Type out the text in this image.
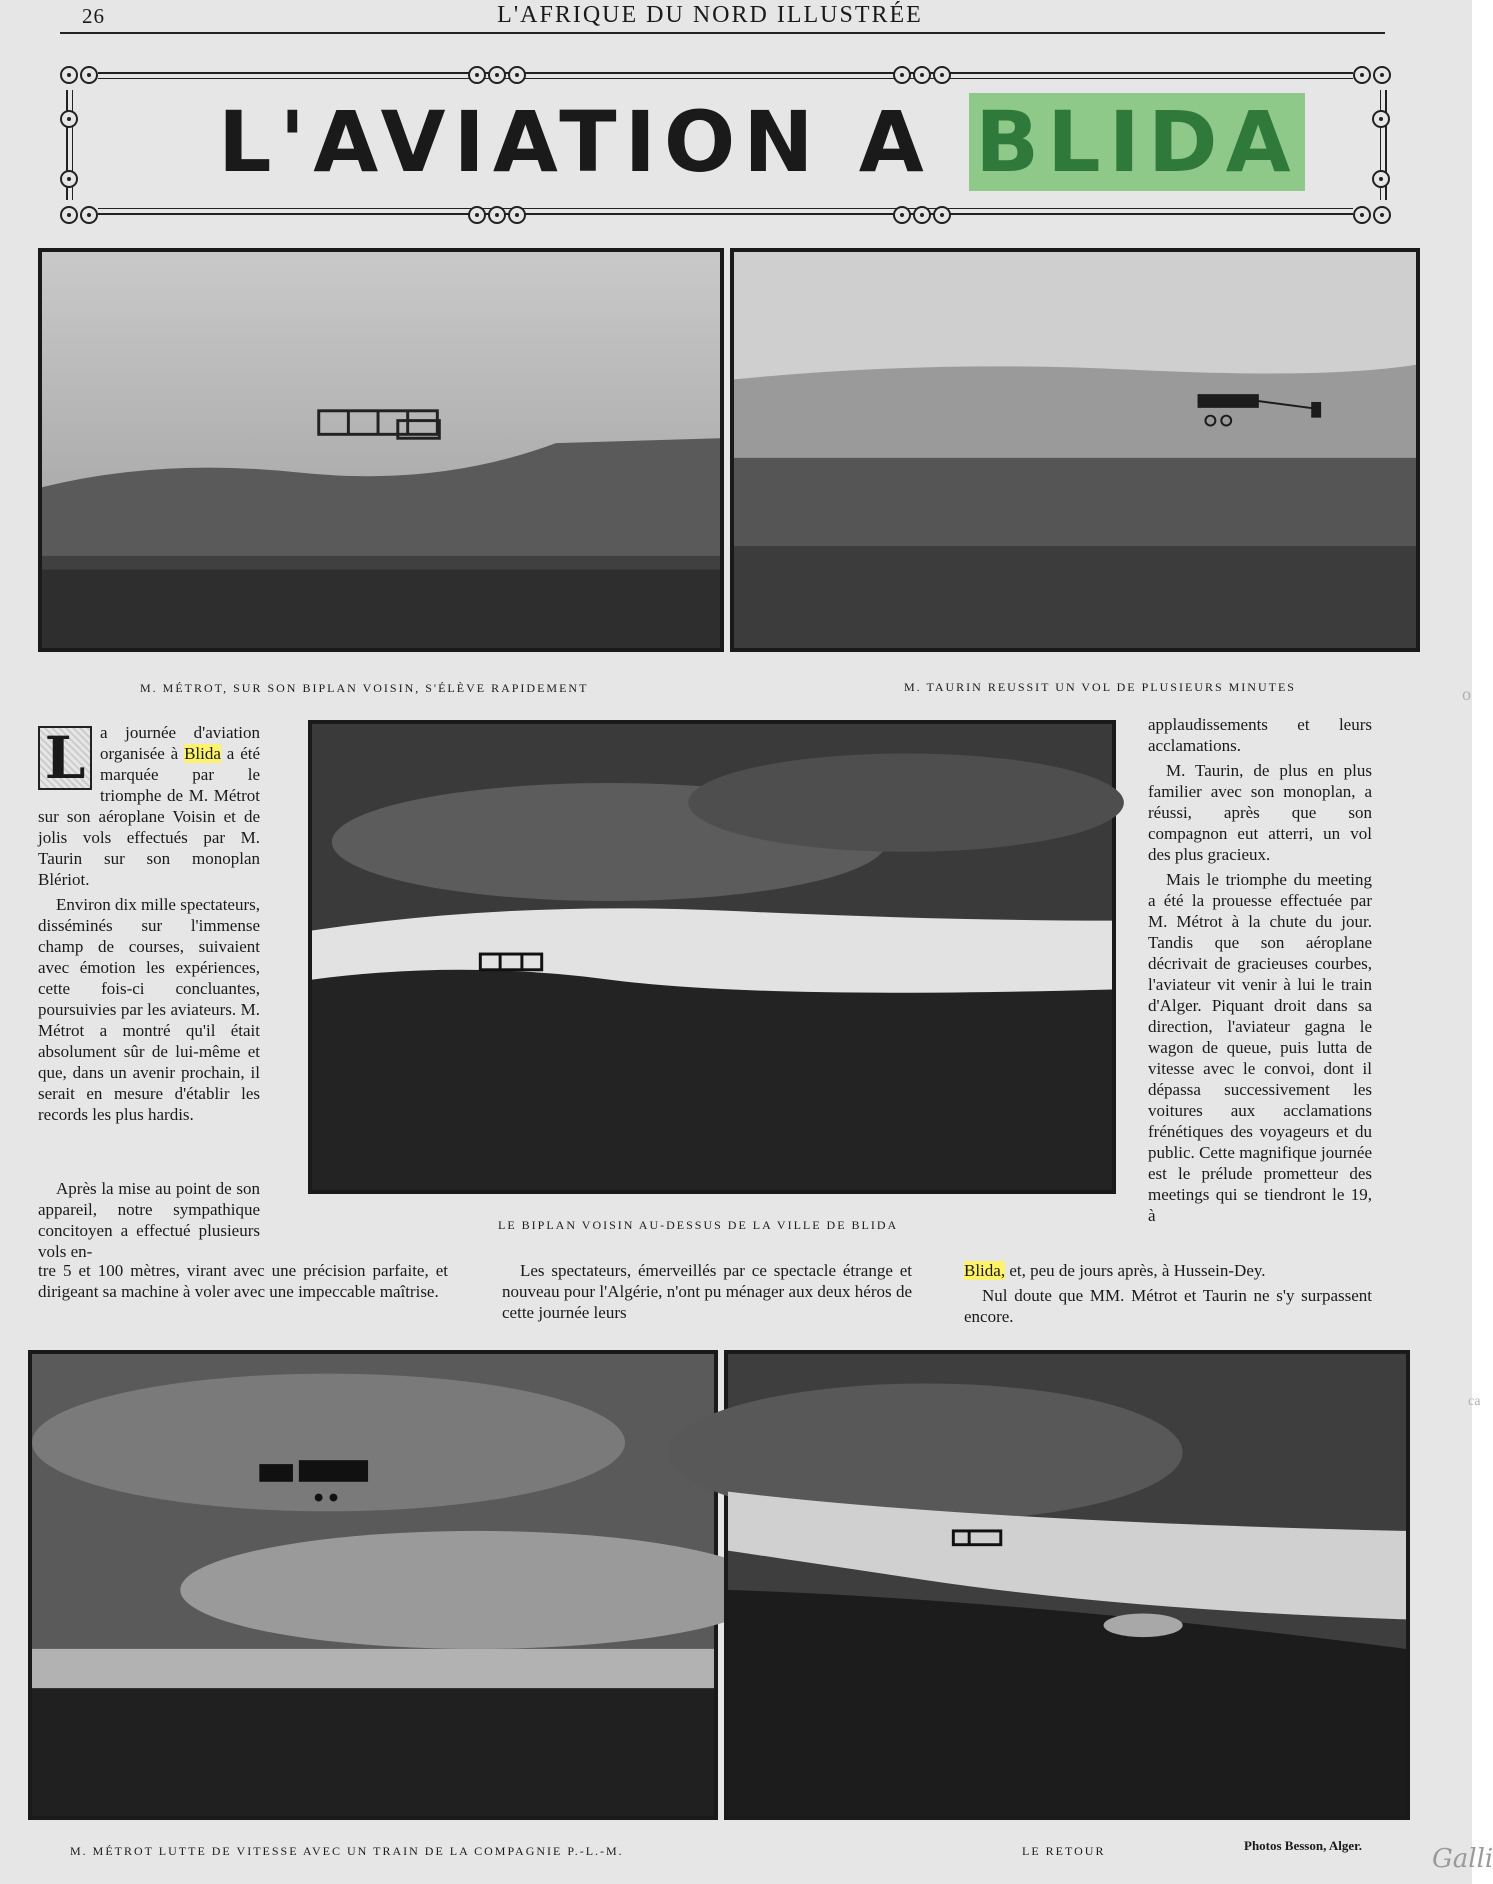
26	L'AFRIQUE DU NORD ILLUSTRÉE
L'AVIATION A BLIDA
M. MÉTROT, SUR SON BIPLAN VOISIN, S'ÉLÈVE RAPIDEMENT	M. TAURIN REUSSIT UN VOL DE PLUSIEURS MINUTES
LE BIPLAN VOISIN AU-DESSUS DE LA VILLE DE BLIDA

L a journée d'aviation organisée à Blida a été marquée par le triomphe de M. Métrot sur son aéroplane Voisin et de jolis vols effectués par M. Taurin sur son monoplan Blériot.

Environ dix mille spectateurs, disséminés sur l'immense champ de courses, suivaient avec émotion les expériences, cette fois-ci concluantes, poursuivies par les aviateurs. M. Métrot a montré qu'il était absolument sûr de lui-même et que, dans un avenir prochain, il serait en mesure d'établir les records les plus hardis.

Après la mise au point de son appareil, notre sympathique concitoyen a effectué plusieurs vols en-

tre 5 et 100 mètres, virant avec une précision parfaite, et dirigeant sa machine à voler avec une impeccable maîtrise.

Les spectateurs, émerveillés par ce spectacle étrange et nouveau pour l'Algérie, n'ont pu ménager aux deux héros de cette journée leurs

applaudissements et leurs acclamations.

M. Taurin, de plus en plus familier avec son monoplan, a réussi, après que son compagnon eut atterri, un vol des plus gracieux.

Mais le triomphe du meeting a été la prouesse effectuée par M. Métrot à la chute du jour. Tandis que son aéroplane décrivait de gracieuses courbes, l'aviateur vit venir à lui le train d'Alger. Piquant droit dans sa direction, l'aviateur gagna le wagon de queue, puis lutta de vitesse avec le convoi, dont il dépassa successivement les voitures aux acclamations frénétiques des voyageurs et du public. Cette magnifique journée est le prélude prometteur des meetings qui se tiendront le 19, à

Blida, et, peu de jours après, à Hussein-Dey.

Nul doute que MM. Métrot et Taurin ne s'y surpassent encore.

M. MÉTROT LUTTE DE VITESSE AVEC UN TRAIN DE LA COMPAGNIE P.-L.-M.	LE RETOUR	Photos Besson, Alger.
o
ca
Galli
